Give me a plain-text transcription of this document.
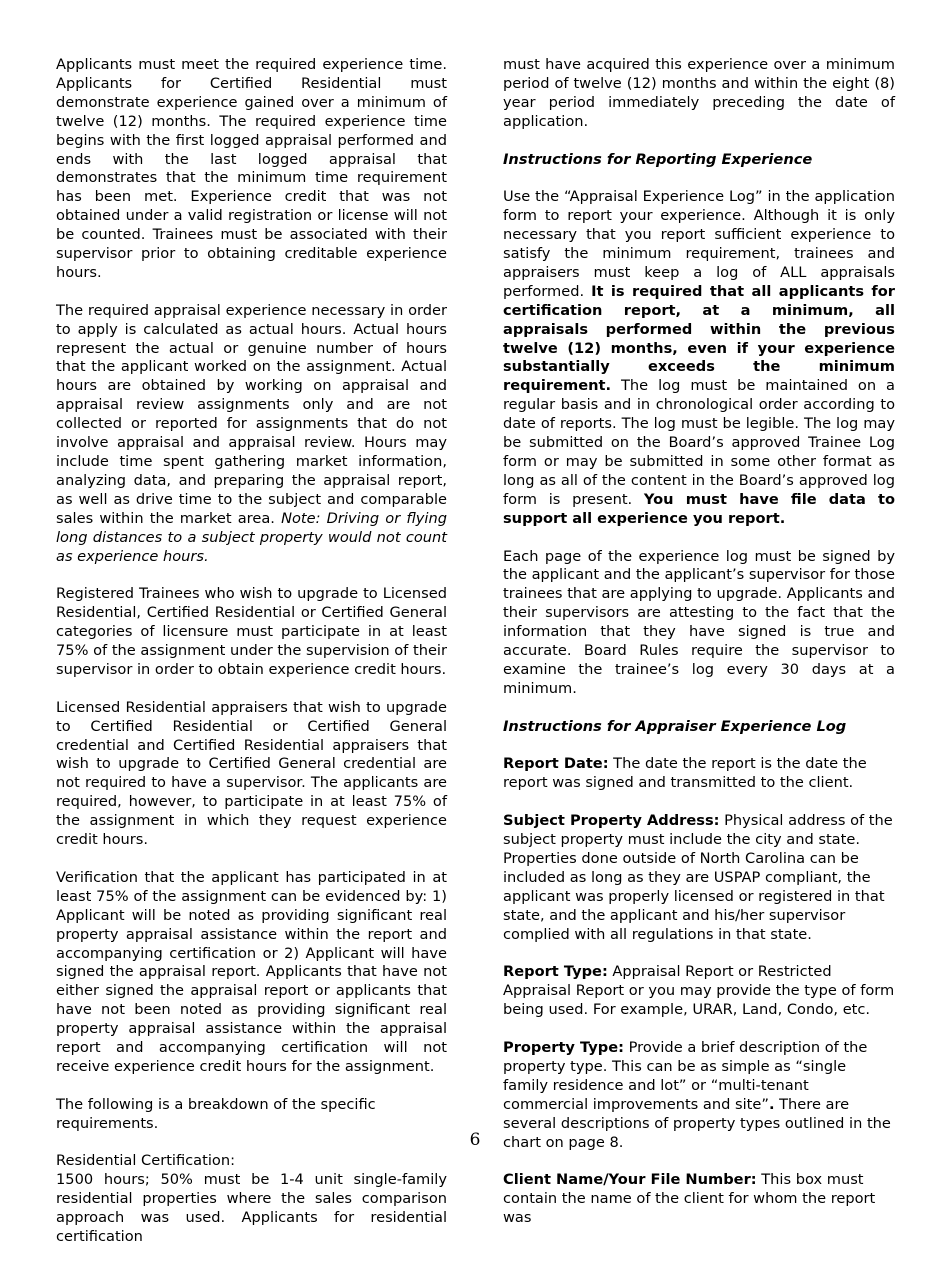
Applicants must meet the required experience time. Applicants for Certified Residential must demonstrate experience gained over a minimum of twelve (12) months. The required experience time begins with the first logged appraisal performed and ends with the last logged appraisal that demonstrates that the minimum time requirement has been met. Experience credit that was not obtained under a valid registration or license will not be counted. Trainees must be associated with their supervisor prior to obtaining creditable experience hours.

The required appraisal experience necessary in order to apply is calculated as actual hours. Actual hours represent the actual or genuine number of hours that the applicant worked on the assignment. Actual hours are obtained by working on appraisal and appraisal review assignments only and are not collected or reported for assignments that do not involve appraisal and appraisal review. Hours may include time spent gathering market information, analyzing data, and preparing the appraisal report, as well as drive time to the subject and comparable sales within the market area. Note: Driving or flying long distances to a subject property would not count as experience hours.

Registered Trainees who wish to upgrade to Licensed Residential, Certified Residential or Certified General categories of licensure must participate in at least 75% of the assignment under the supervision of their supervisor in order to obtain experience credit hours.

Licensed Residential appraisers that wish to upgrade to Certified Residential or Certified General credential and Certified Residential appraisers that wish to upgrade to Certified General credential are not required to have a supervisor. The applicants are required, however, to participate in at least 75% of the assignment in which they request experience credit hours.

Verification that the applicant has participated in at least 75% of the assignment can be evidenced by: 1) Applicant will be noted as providing significant real property appraisal assistance within the report and accompanying certification or 2) Applicant will have signed the appraisal report. Applicants that have not either signed the appraisal report or applicants that have not been noted as providing significant real property appraisal assistance within the appraisal report and accompanying certification will not receive experience credit hours for the assignment.

The following is a breakdown of the specific requirements.

Residential Certification:

1500 hours; 50% must be 1-4 unit single-family residential properties where the sales comparison approach was used. Applicants for residential certification

must have acquired this experience over a minimum period of twelve (12) months and within the eight (8) year period immediately preceding the date of application.

Instructions for Reporting Experience

Use the “Appraisal Experience Log” in the application form to report your experience. Although it is only necessary that you report sufficient experience to satisfy the minimum requirement, trainees and appraisers must keep a log of ALL appraisals performed. It is required that all applicants for certification report, at a minimum, all appraisals performed within the previous twelve (12) months, even if your experience substantially exceeds the minimum requirement. The log must be maintained on a regular basis and in chronological order according to date of reports. The log must be legible. The log may be submitted on the Board’s approved Trainee Log form or may be submitted in some other format as long as all of the content in the Board’s approved log form is present. You must have file data to support all experience you report.

Each page of the experience log must be signed by the applicant and the applicant’s supervisor for those trainees that are applying to upgrade. Applicants and their supervisors are attesting to the fact that the information that they have signed is true and accurate. Board Rules require the supervisor to examine the trainee’s log every 30 days at a minimum.

Instructions for Appraiser Experience Log

Report Date: The date the report is the date the report was signed and transmitted to the client.

Subject Property Address: Physical address of the subject property must include the city and state. Properties done outside of North Carolina can be included as long as they are USPAP compliant, the applicant was properly licensed or registered in that state, and the applicant and his/her supervisor complied with all regulations in that state.

Report Type: Appraisal Report or Restricted Appraisal Report or you may provide the type of form being used. For example, URAR, Land, Condo, etc.

Property Type: Provide a brief description of the property type. This can be as simple as “single family residence and lot” or “multi-tenant commercial improvements and site”. There are several descriptions of property types outlined in the chart on page 8.

Client Name/Your File Number: This box must contain the name of the client for whom the report was

6
